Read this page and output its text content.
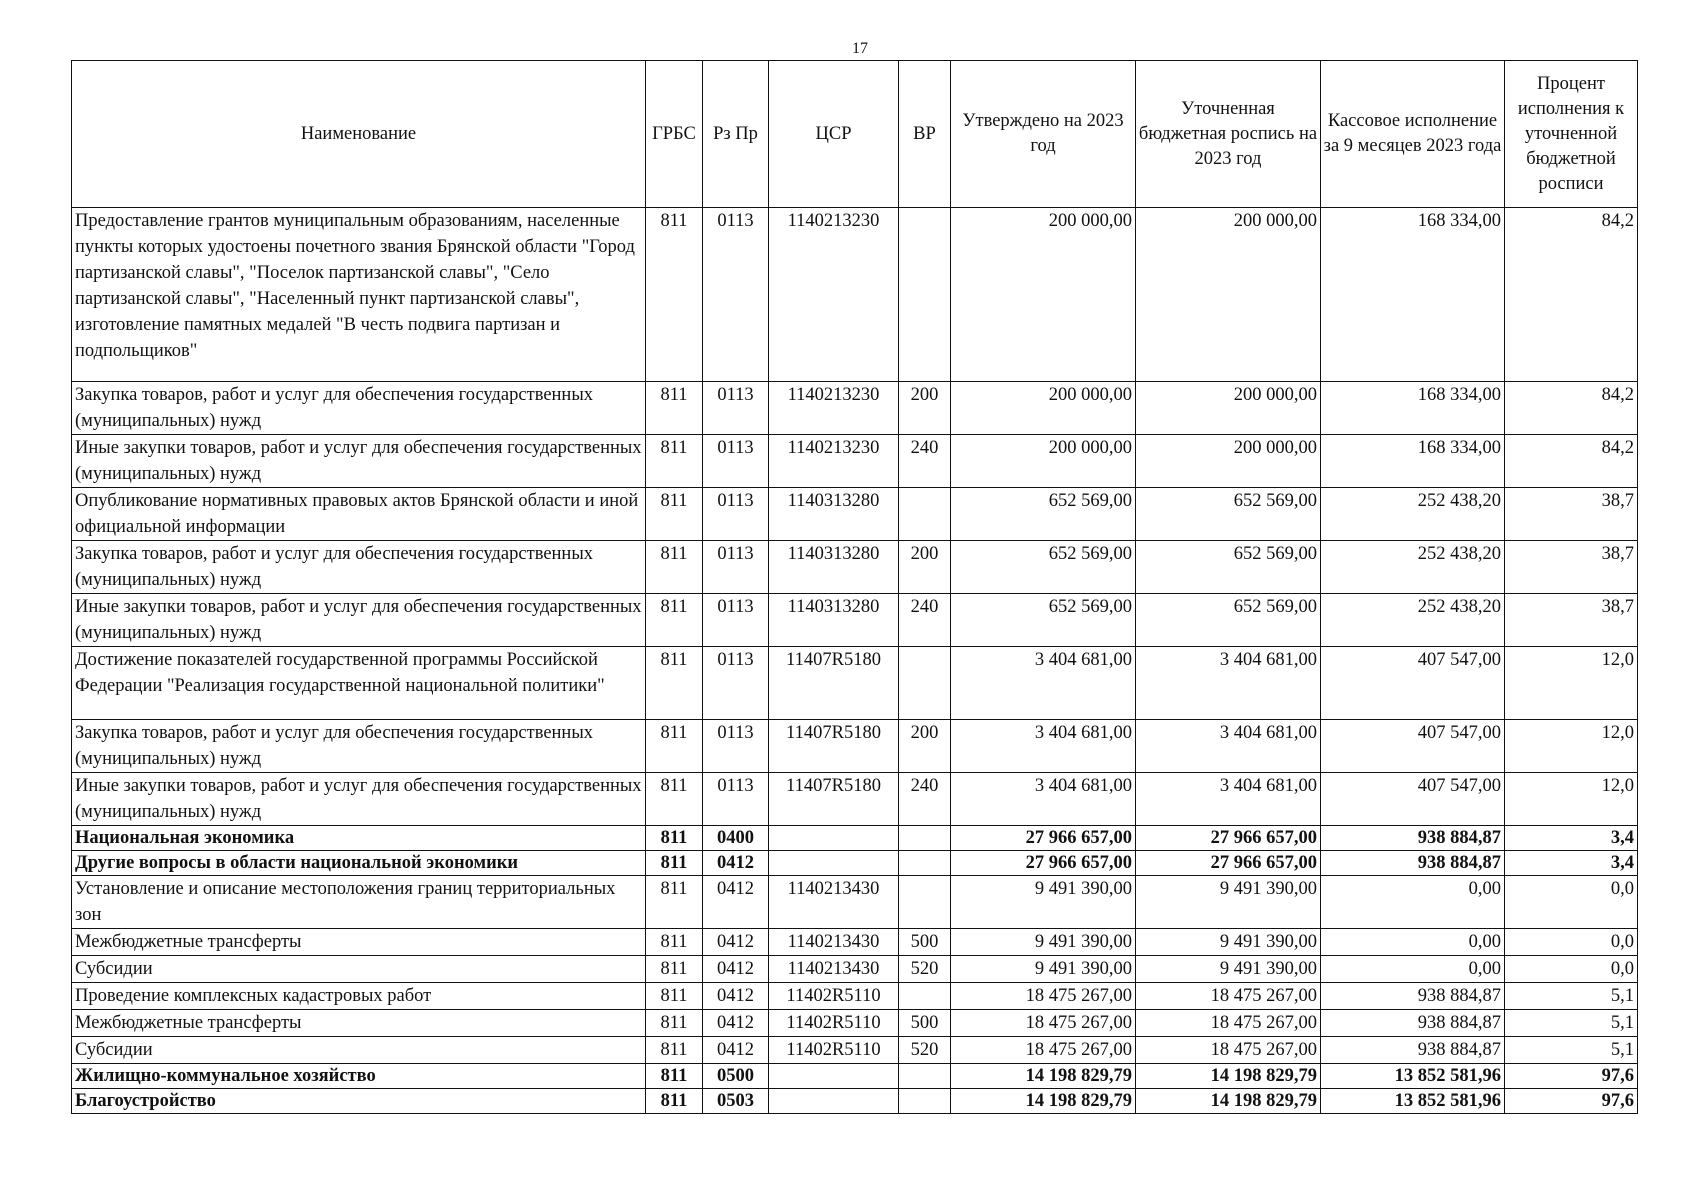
17
Наименование	ГРБС	Рз Пр	ЦСР	ВР	Утверждено на 2023 год	Уточненная бюджетная роспись на 2023 год	Кассовое исполнение за 9 месяцев 2023 года	Процент исполнения к уточненной бюджетной росписи
Предоставление грантов муниципальным образованиям, населенные пункты которых удостоены почетного звания Брянской области "Город партизанской славы", "Поселок партизанской славы", "Село партизанской славы", "Населенный пункт партизанской славы", изготовление памятных медалей "В честь подвига партизан и подпольщиков"	811	0113	1140213230		200 000,00	200 000,00	168 334,00	84,2
Закупка товаров, работ и услуг для обеспечения государственных (муниципальных) нужд	811	0113	1140213230	200	200 000,00	200 000,00	168 334,00	84,2
Иные закупки товаров, работ и услуг для обеспечения государственных (муниципальных) нужд	811	0113	1140213230	240	200 000,00	200 000,00	168 334,00	84,2
Опубликование нормативных правовых актов Брянской области и иной официальной информации	811	0113	1140313280		652 569,00	652 569,00	252 438,20	38,7
Закупка товаров, работ и услуг для обеспечения государственных (муниципальных) нужд	811	0113	1140313280	200	652 569,00	652 569,00	252 438,20	38,7
Иные закупки товаров, работ и услуг для обеспечения государственных (муниципальных) нужд	811	0113	1140313280	240	652 569,00	652 569,00	252 438,20	38,7
Достижение показателей государственной программы Российской Федерации "Реализация государственной национальной политики"	811	0113	11407R5180		3 404 681,00	3 404 681,00	407 547,00	12,0
Закупка товаров, работ и услуг для обеспечения государственных (муниципальных) нужд	811	0113	11407R5180	200	3 404 681,00	3 404 681,00	407 547,00	12,0
Иные закупки товаров, работ и услуг для обеспечения государственных (муниципальных) нужд	811	0113	11407R5180	240	3 404 681,00	3 404 681,00	407 547,00	12,0
Национальная экономика	811	0400			27 966 657,00	27 966 657,00	938 884,87	3,4
Другие вопросы в области национальной экономики	811	0412			27 966 657,00	27 966 657,00	938 884,87	3,4
Установление и описание местоположения границ территориальных зон	811	0412	1140213430		9 491 390,00	9 491 390,00	0,00	0,0
Межбюджетные трансферты	811	0412	1140213430	500	9 491 390,00	9 491 390,00	0,00	0,0
Субсидии	811	0412	1140213430	520	9 491 390,00	9 491 390,00	0,00	0,0
Проведение комплексных кадастровых работ	811	0412	11402R5110		18 475 267,00	18 475 267,00	938 884,87	5,1
Межбюджетные трансферты	811	0412	11402R5110	500	18 475 267,00	18 475 267,00	938 884,87	5,1
Субсидии	811	0412	11402R5110	520	18 475 267,00	18 475 267,00	938 884,87	5,1
Жилищно-коммунальное хозяйство	811	0500			14 198 829,79	14 198 829,79	13 852 581,96	97,6
Благоустройство	811	0503			14 198 829,79	14 198 829,79	13 852 581,96	97,6
